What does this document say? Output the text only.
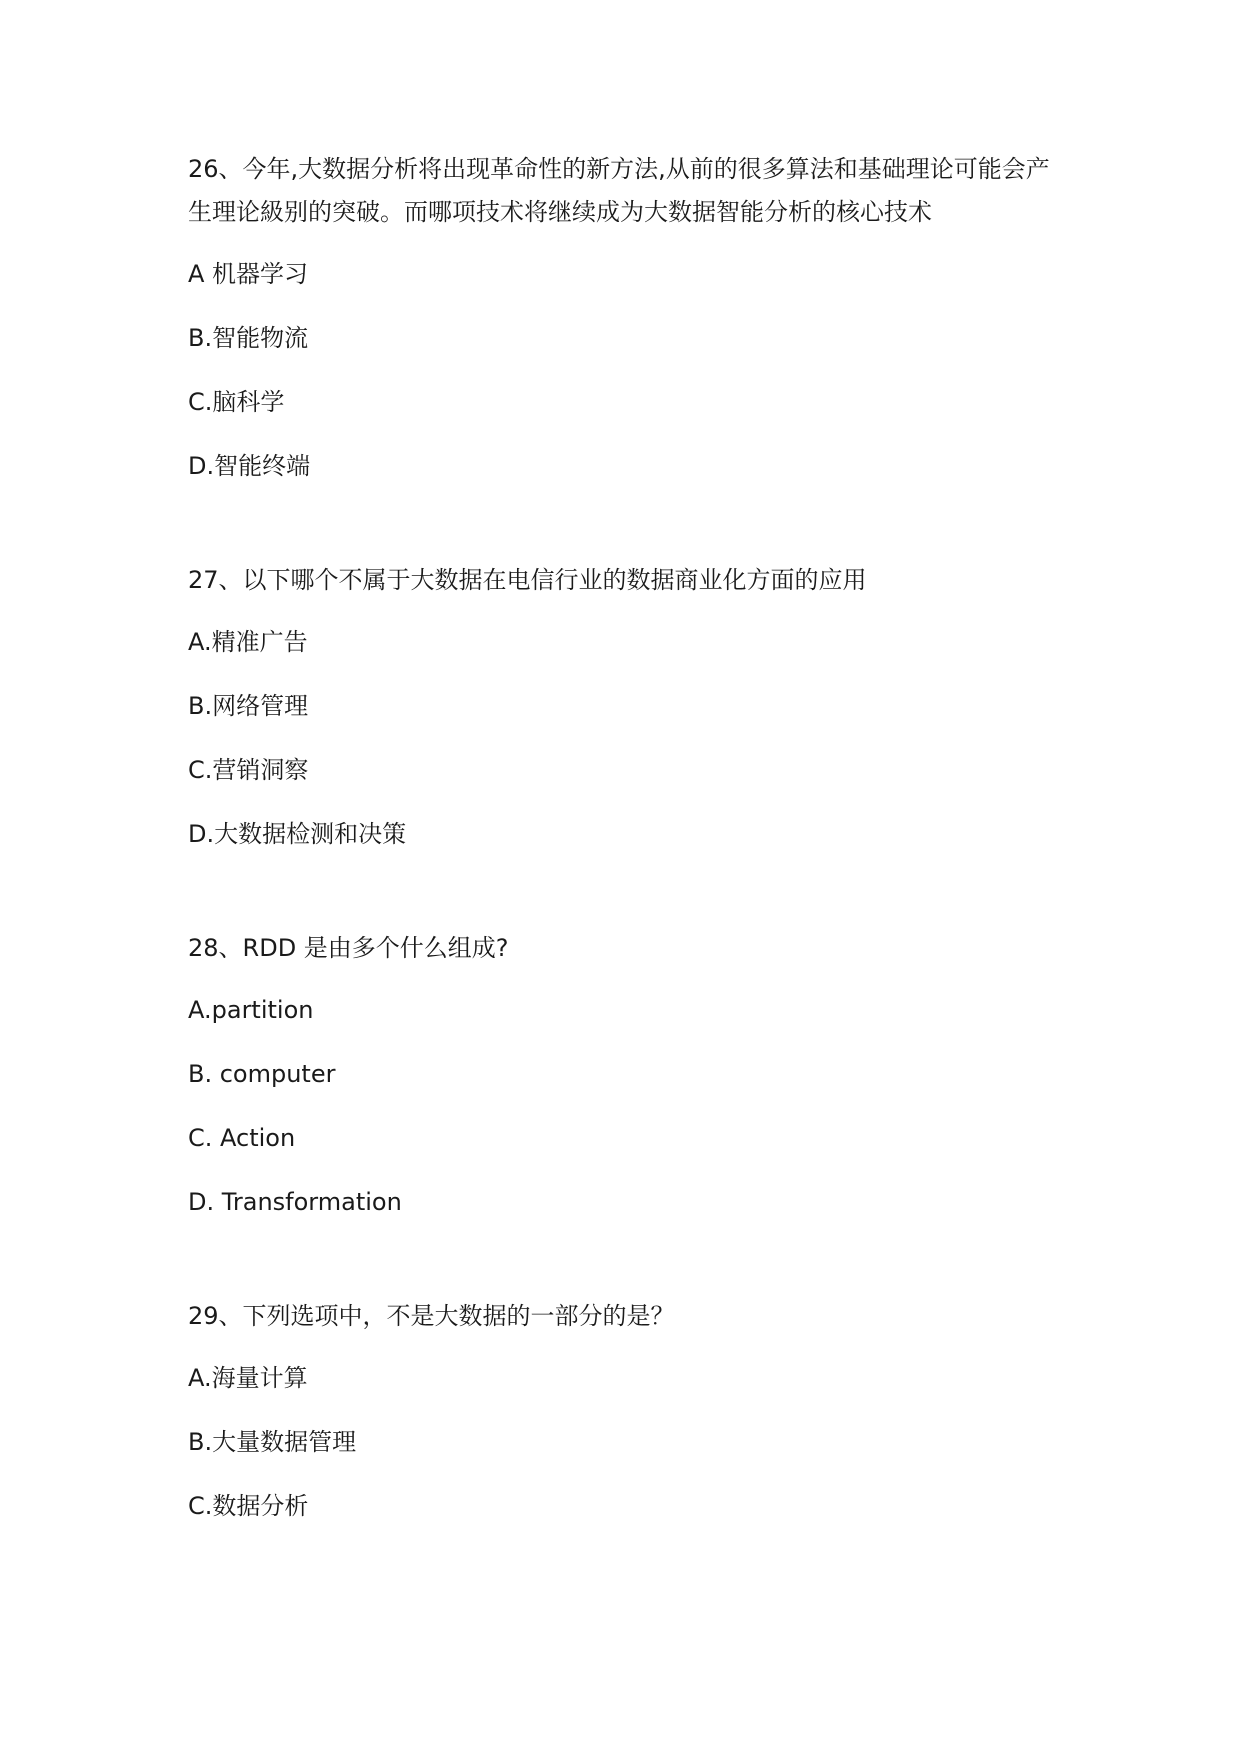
26、今年,大数据分析将出现革命性的新方法,从前的很多算法和基础理论可能会产生理论級别的突破。而哪项技术将继续成为大数据智能分析的核心技术

A 机器学习

B.智能物流

C.脑科学

D.智能终端

27、以下哪个不属于大数据在电信行业的数据商业化方面的应用

A.精准广告

B.网络管理

C.营销洞察

D.大数据检测和决策

28、RDD 是由多个什么组成?

A.partition

B. computer

C. Action

D. Transformation

29、下列选项中，不是大数据的一部分的是？

A.海量计算

B.大量数据管理

C.数据分析
